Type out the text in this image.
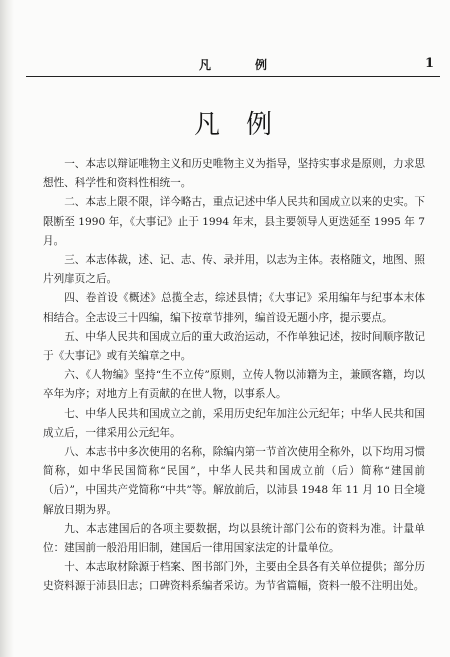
凡　例	1
凡例

一、本志以辩证唯物主义和历史唯物主义为指导，坚持实事求是原则，力求思想性、科学性和资料性相统一。

二、本志上限不限，详今略古，重点记述中华人民共和国成立以来的史实。下限断至 1990 年，《大事记》止于 1994 年末，县主要领导人更迭延至 1995 年 7 月。

三、本志体裁，述、记、志、传、录并用，以志为主体。表格随文，地图、照片列扉页之后。

四、卷首设《概述》总揽全志，综述县情；《大事记》采用编年与纪事本末体相结合。全志设三十四编，编下按章节排列，编首设无题小序，提示要点。

五、中华人民共和国成立后的重大政治运动，不作单独记述，按时间顺序散记于《大事记》或有关编章之中。

六、《人物编》坚持“生不立传”原则，立传人物以沛籍为主，兼顾客籍，均以卒年为序；对地方上有贡献的在世人物，以事系人。

七、中华人民共和国成立之前，采用历史纪年加注公元纪年；中华人民共和国成立后，一律采用公元纪年。

八、本志书中多次使用的名称，除编内第一节首次使用全称外，以下均用习惯简称，如中华民国简称“民国”，中华人民共和国成立前（后）简称“建国前（后）”，中国共产党简称“中共”等。解放前后，以沛县 1948 年 11 月 10 日全境解放日期为界。

九、本志建国后的各项主要数据，均以县统计部门公布的资料为准。计量单位：建国前一般沿用旧制，建国后一律用国家法定的计量单位。

十、本志取材除源于档案、图书部门外，主要由全县各有关单位提供；部分历史资料源于沛县旧志；口碑资料系编者采访。为节省篇幅，资料一般不注明出处。
